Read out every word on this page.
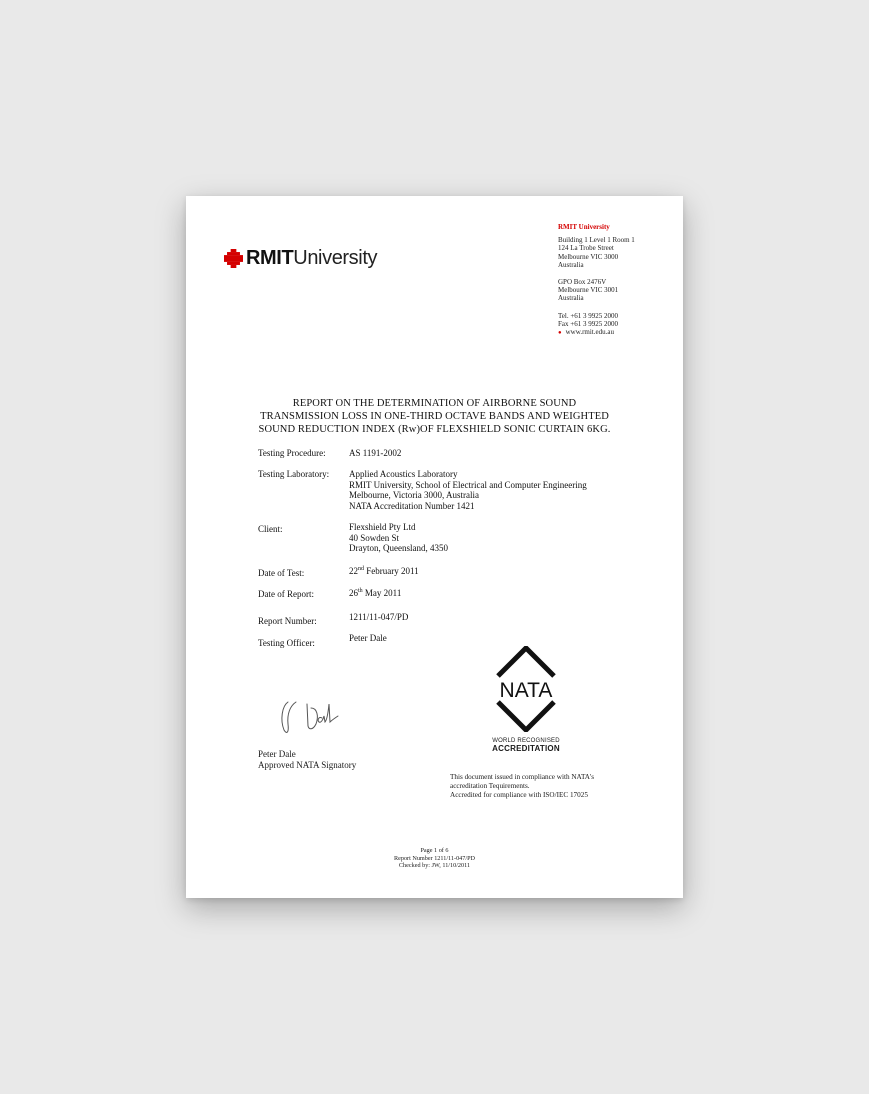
RMIT University
RMIT University
Building 1 Level 1 Room 1
124 La Trobe Street
Melbourne VIC 3000
Australia
GPO Box 2476V
Melbourne VIC 3001
Australia
Tel. +61 3 9925 2000
Fax +61 3 9925 2000
● www.rmit.edu.au
REPORT ON THE DETERMINATION OF AIRBORNE SOUND
TRANSMISSION LOSS IN ONE-THIRD OCTAVE BANDS AND WEIGHTED
SOUND REDUCTION INDEX (Rw)OF FLEXSHIELD SONIC CURTAIN 6KG.
Testing Procedure:	AS 1191-2002
Testing Laboratory: Applied Acoustics Laboratory
RMIT University, School of Electrical and Computer Engineering
Melbourne, Victoria 3000, Australia
NATA Accreditation Number 1421
Client:	Flexshield Pty Ltd
40 Sowden St
Drayton, Queensland, 4350
Date of Test:	22nd February 2011
Date of Report:	26th May 2011
Report Number:	1211/11-047/PD
Testing Officer:	Peter Dale
Peter Dale
Approved NATA Signatory
NATA
WORLD RECOGNISED
ACCREDITATION
This document issued in compliance with NATA's
accreditation Tequirements.
Accredited for compliance with ISO/IEC 17025
Page 1 of 6
Report Number 1211/11-047/PD
Checked by: JW, 11/10/2011
